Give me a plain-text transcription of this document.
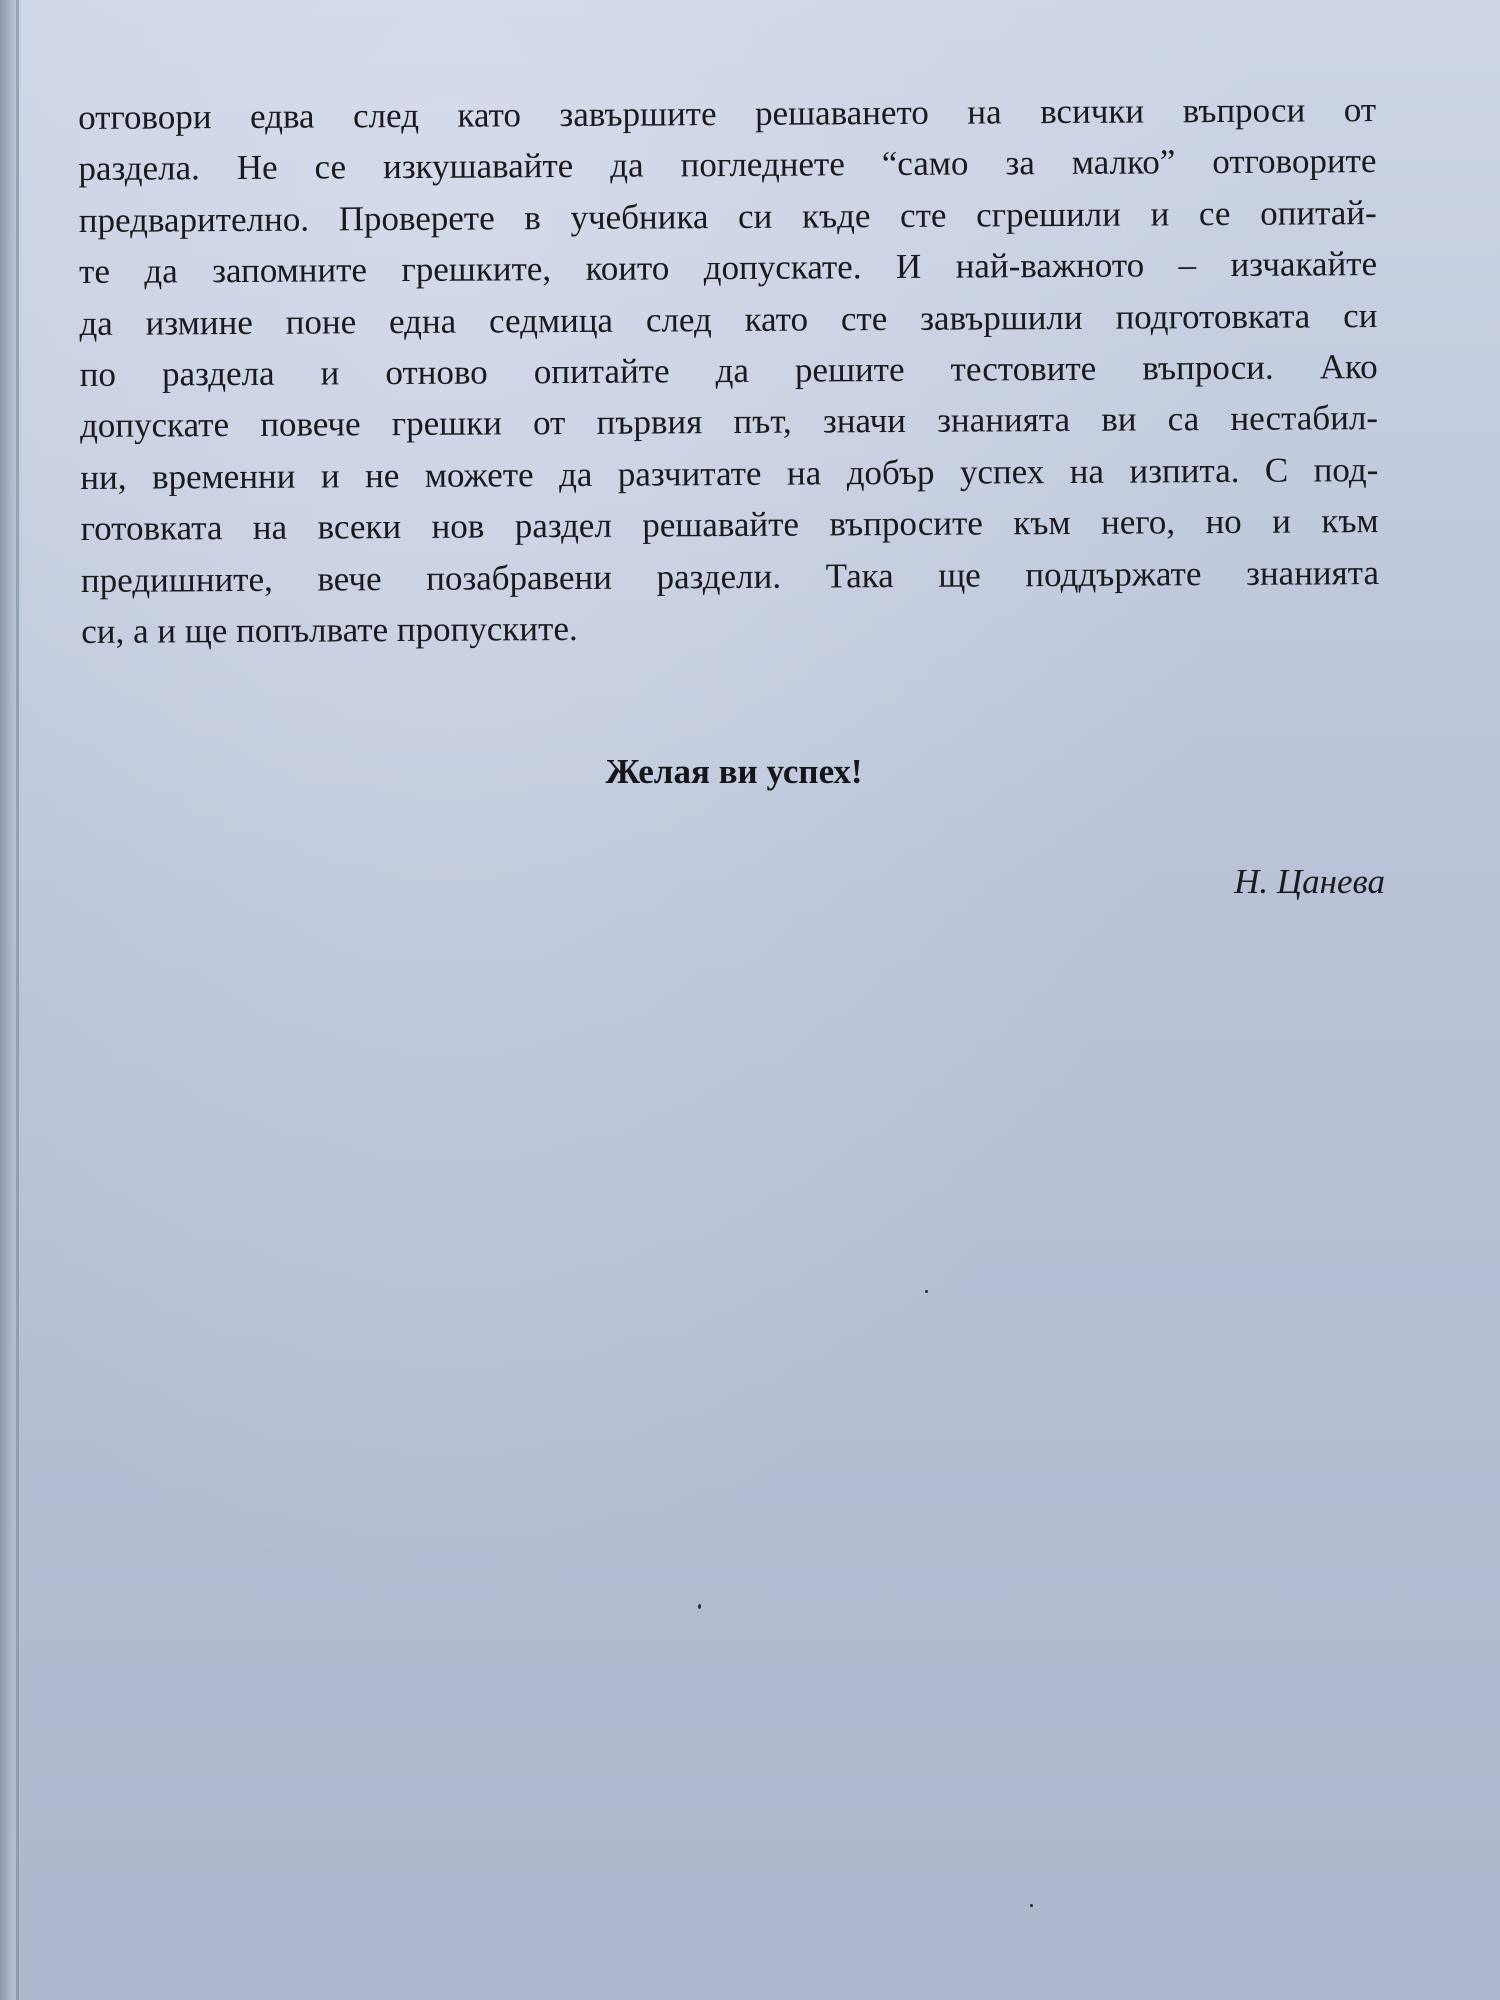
отговори едва след като завършите решаването на всички въпроси от
раздела. Не се изкушавайте да погледнете “само за малко” отговорите
предварително. Проверете в учебника си къде сте сгрешили и се опитай-
те да запомните грешките, които допускате. И най-важното – изчакайте
да измине поне една седмица след като сте завършили подготовката си
по раздела и отново опитайте да решите тестовите въпроси. Ако
допускате повече грешки от първия път, значи знанията ви са нестабил-
ни, временни и не можете да разчитате на добър успех на изпита. С под-
готовката на всеки нов раздел решавайте въпросите към него, но и към
предишните, вече позабравени раздели. Така ще поддържате знанията
си, а и ще попълвате пропуските.

Желая ви успех!
Н. Цанева
